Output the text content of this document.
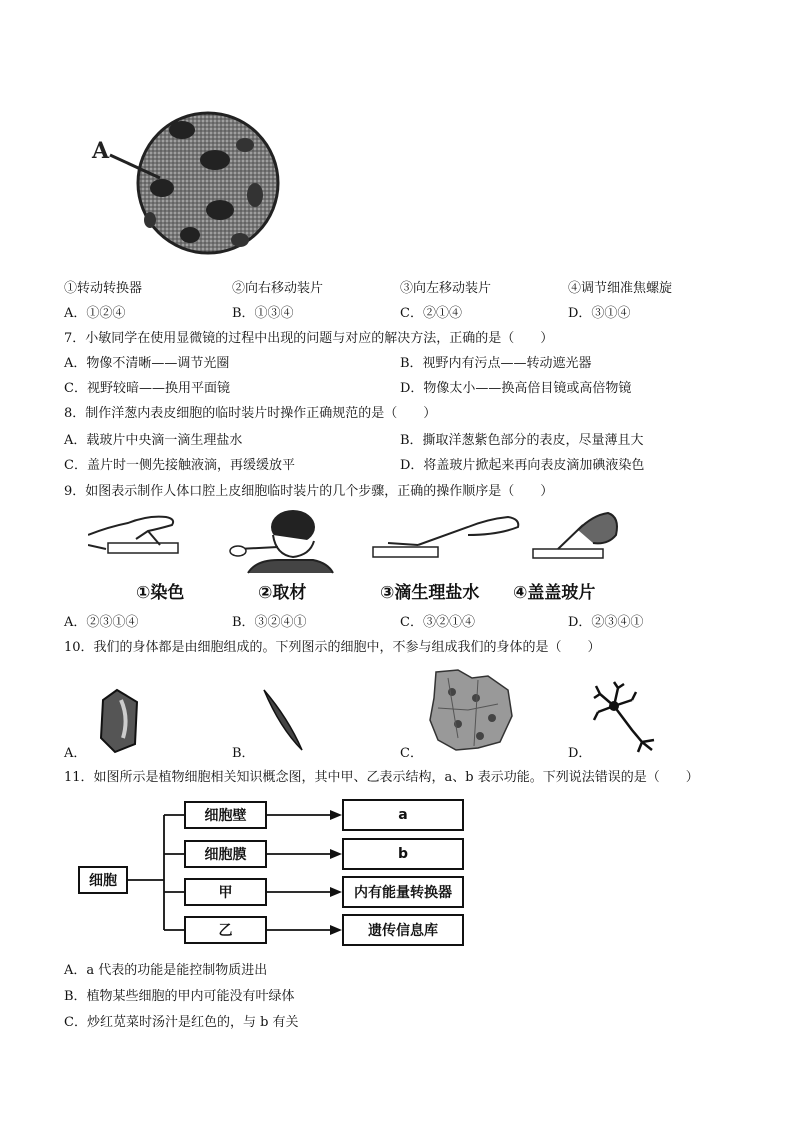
A
①转动转换器	②向右移动装片	③向左移动装片	④调节细准焦螺旋
A．①②④	B．①③④	C．②①④	D．③①④
7．小敏同学在使用显微镜的过程中出现的问题与对应的解决方法，正确的是（　　）
A．物像不清晰——调节光圈	B．视野内有污点——转动遮光器
C．视野较暗——换用平面镜	D．物像太小——换高倍目镜或高倍物镜
8．制作洋葱内表皮细胞的临时装片时操作正确规范的是（　　）
A．载玻片中央滴一滴生理盐水	B．撕取洋葱紫色部分的表皮，尽量薄且大
C．盖片时一侧先接触液滴，再缓缓放平	D．将盖玻片掀起来再向表皮滴加碘液染色
9．如图表示制作人体口腔上皮细胞临时装片的几个步骤，正确的操作顺序是（　　）
①染色	②取材	③滴生理盐水 ④盖盖玻片
A．②③①④	B．③②④①	C．③②①④	D．②③④①
10．我们的身体都是由细胞组成的。下列图示的细胞中，不参与组成我们的身体的是（　　）
A．	B．	C．	D．
11．如图所示是植物细胞相关知识概念图，其中甲、乙表示结构，a、b 表示功能。下列说法错误的是（　　）
细胞
细胞壁
细胞膜
甲
乙
a
b
内有能量转换器
遗传信息库
A．a 代表的功能是能控制物质进出
B．植物某些细胞的甲内可能没有叶绿体
C．炒红苋菜时汤汁是红色的，与 b 有关
